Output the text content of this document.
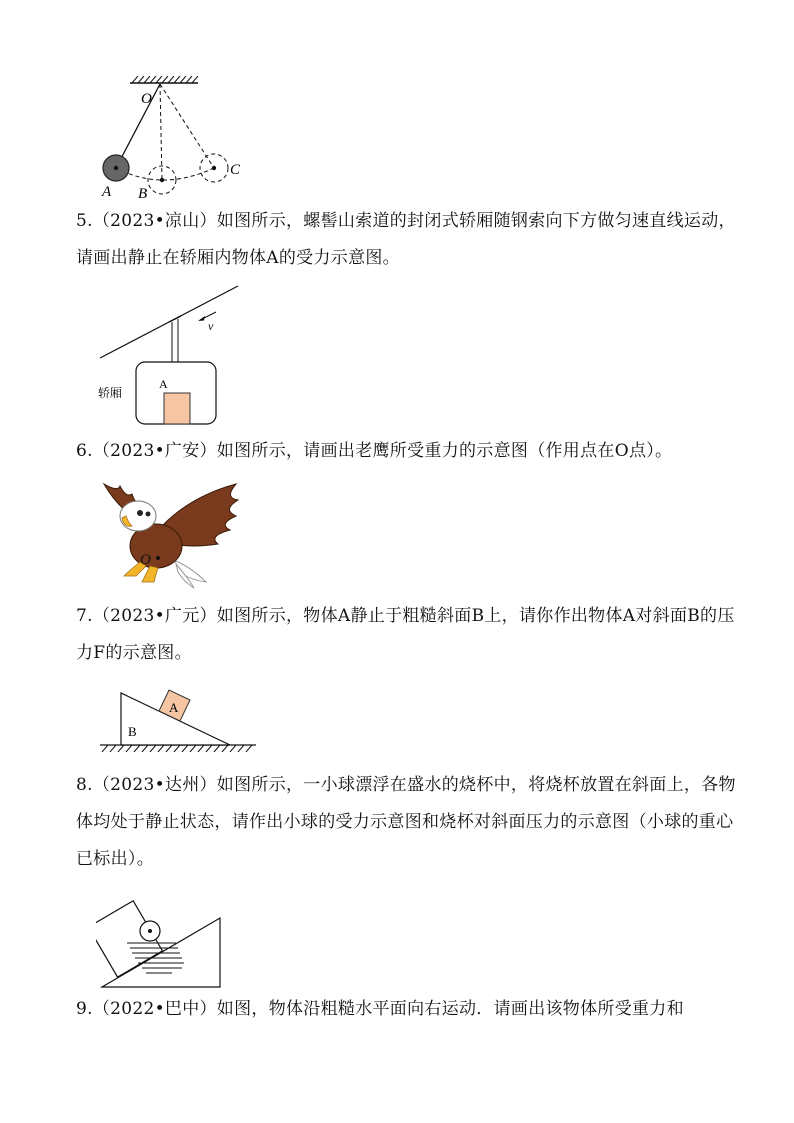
O
A B
C

5.（2023•凉山）如图所示，螺髻山索道的封闭式轿厢随钢索向下方做匀速直线运动，请画出静止在轿厢内物体A的受力示意图。

v
A
轿厢

6.（2023•广安）如图所示，请画出老鹰所受重力的示意图（作用点在O点）。

O

7.（2023•广元）如图所示，物体A静止于粗糙斜面B上，请你作出物体A对斜面B的压力F的示意图。

A
B

8.（2023•达州）如图所示，一小球漂浮在盛水的烧杯中，将烧杯放置在斜面上，各物体均处于静止状态，请作出小球的受力示意图和烧杯对斜面压力的示意图（小球的重心已标出）。

9.（2022•巴中）如图，物体沿粗糙水平面向右运动．请画出该物体所受重力和
